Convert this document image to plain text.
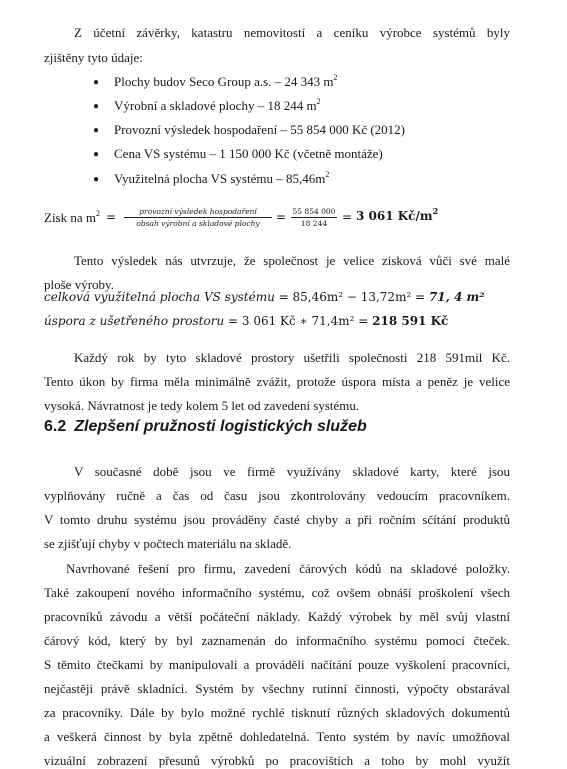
Z účetní závěrky, katastru nemovitostí a ceníku výrobce systémů byly

zjištěny tyto údaje:

● Plochy budov Seco Group a.s. – 24 343 $m^2$
● Výrobní a skladové plochy – 18 244 $m^2$
● Provozní výsledek hospodaření – 55 854 000 Kč (2012)
● Cena VS systému – 1 150 000 Kč (včetně montáže)
● Využitelná plocha VS systému – $85,46m^2$
Zisk na $m^2$ =	provozní výsledek hospodaření
obsah výrobní a skladové plochy	= $\frac{55 854 000}{18 244} = 3$ 061 $Kč/m^2$

Tento výsledek nás utvrzuje, že společnost je velice zisková vůči své malé

ploše výroby.

celková využitelná plocha VS systému = 85,46m² − 13,72m² = 71, 4 m²
úspora z ušetřeného prostoru = 3 061 Kč ∗ 71,4m² = 218 591 Kč

Každý rok by tyto skladové prostory ušetřili společnosti 218 591mil Kč.

Tento úkon by firma měla minimálně zvážit, protože úspora místa a peněz je velice

vysoká. Návratnost je tedy kolem 5 let od zavedení systému.

6.2 Zlepšení pružnosti logistických služeb

V současné době jsou ve firmě využívány skladové karty, které jsou

vyplňovány ručně a čas od času jsou zkontrolovány vedoucím pracovníkem.

V tomto druhu systému jsou prováděny časté chyby a při ročním sčítání produktů

se zjišťují chyby v počtech materiálu na skladě.

Navrhované řešení pro firmu, zavedení čárových kódů na skladové položky.

Také zakoupení nového informačního systému, což ovšem obnáší proškolení všech

pracovníků závodu a větší počáteční náklady. Každý výrobek by měl svůj vlastní

čárový kód, který by byl zaznamenán do informačního systému pomocí čteček.

S těmito čtečkami by manipulovali a prováděli načítání pouze vyškolení pracovníci,

nejčastěji právě skladníci. Systém by všechny rutinní činnosti, výpočty obstarával

za pracovníky. Dále by bylo možné rychlé tisknutí různých skladových dokumentů

a veškerá činnost by byla zpětně dohledatelná. Tento systém by navíc umožňoval

vizuální zobrazení přesunů výrobků po pracovištích a toho by mohl využít
